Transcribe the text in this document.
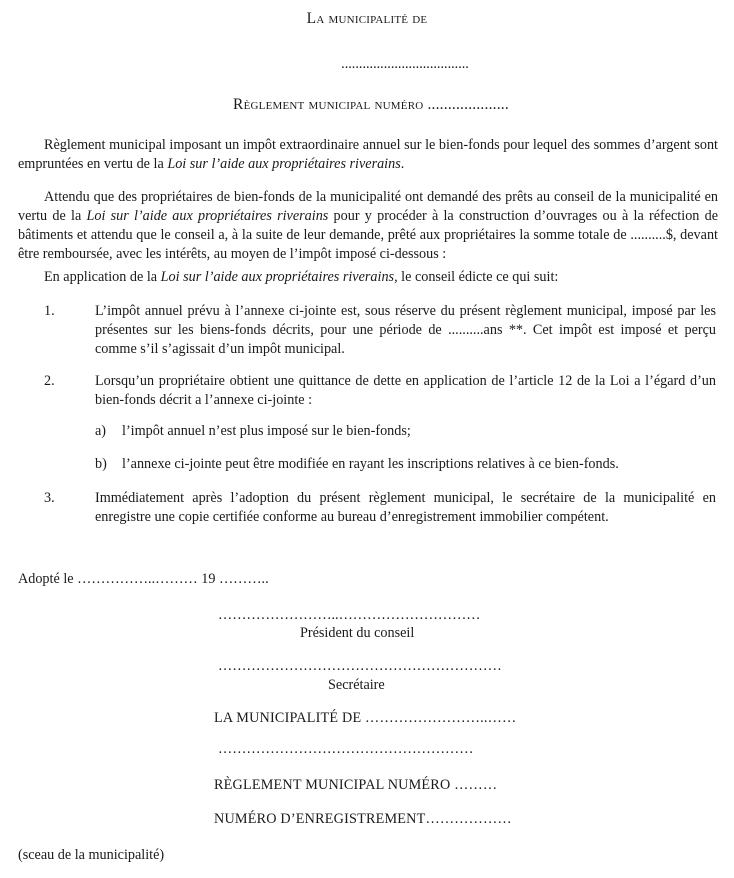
La municipalité de
....................................
Règlement municipal numéro ....................
Règlement municipal imposant un impôt extraordinaire annuel sur le bien-fonds pour lequel des sommes d’argent sont empruntées en vertu de la Loi sur l’aide aux propriétaires riverains.
Attendu que des propriétaires de bien-fonds de la municipalité ont demandé des prêts au conseil de la municipalité en vertu de la Loi sur l’aide aux propriétaires riverains pour y procéder à la construction d’ouvrages ou à la réfection de bâtiments et attendu que le conseil a, à la suite de leur demande, prêté aux propriétaires la somme totale de ..........$, devant être remboursée, avec les intérêts, au moyen de l’impôt imposé ci-dessous :
En application de la Loi sur l’aide aux propriétaires riverains, le conseil édicte ce qui suit:
1.	L’impôt annuel prévu à l’annexe ci-jointe est, sous réserve du présent règlement municipal, imposé par les présentes sur les biens-fonds décrits, pour une période de ..........ans **. Cet impôt est imposé et perçu comme s’il s’agissait d’un impôt municipal.
2.	Lorsqu’un propriétaire obtient une quittance de dette en application de l’article 12 de la Loi a l’égard d’un bien-fonds décrit a l’annexe ci-jointe :
a)	l’impôt annuel n’est plus imposé sur le bien-fonds;
b)	l’annexe ci-jointe peut être modifiée en rayant les inscriptions relatives à ce bien-fonds.
3.	Immédiatement après l’adoption du présent règlement municipal, le secrétaire de la municipalité en enregistre une copie certifiée conforme au bureau d’enregistrement immobilier compétent.
Adopté le ……………..……… 19 ………..
……………………..…………………………
Président du conseil
……………………………………………………
Secrétaire
LA MUNICIPALITÉ DE ……………………..……
………………………………………………
RÈGLEMENT MUNICIPAL NUMÉRO ………
NUMÉRO D’ENREGISTREMENT………………
(sceau de la municipalité)
